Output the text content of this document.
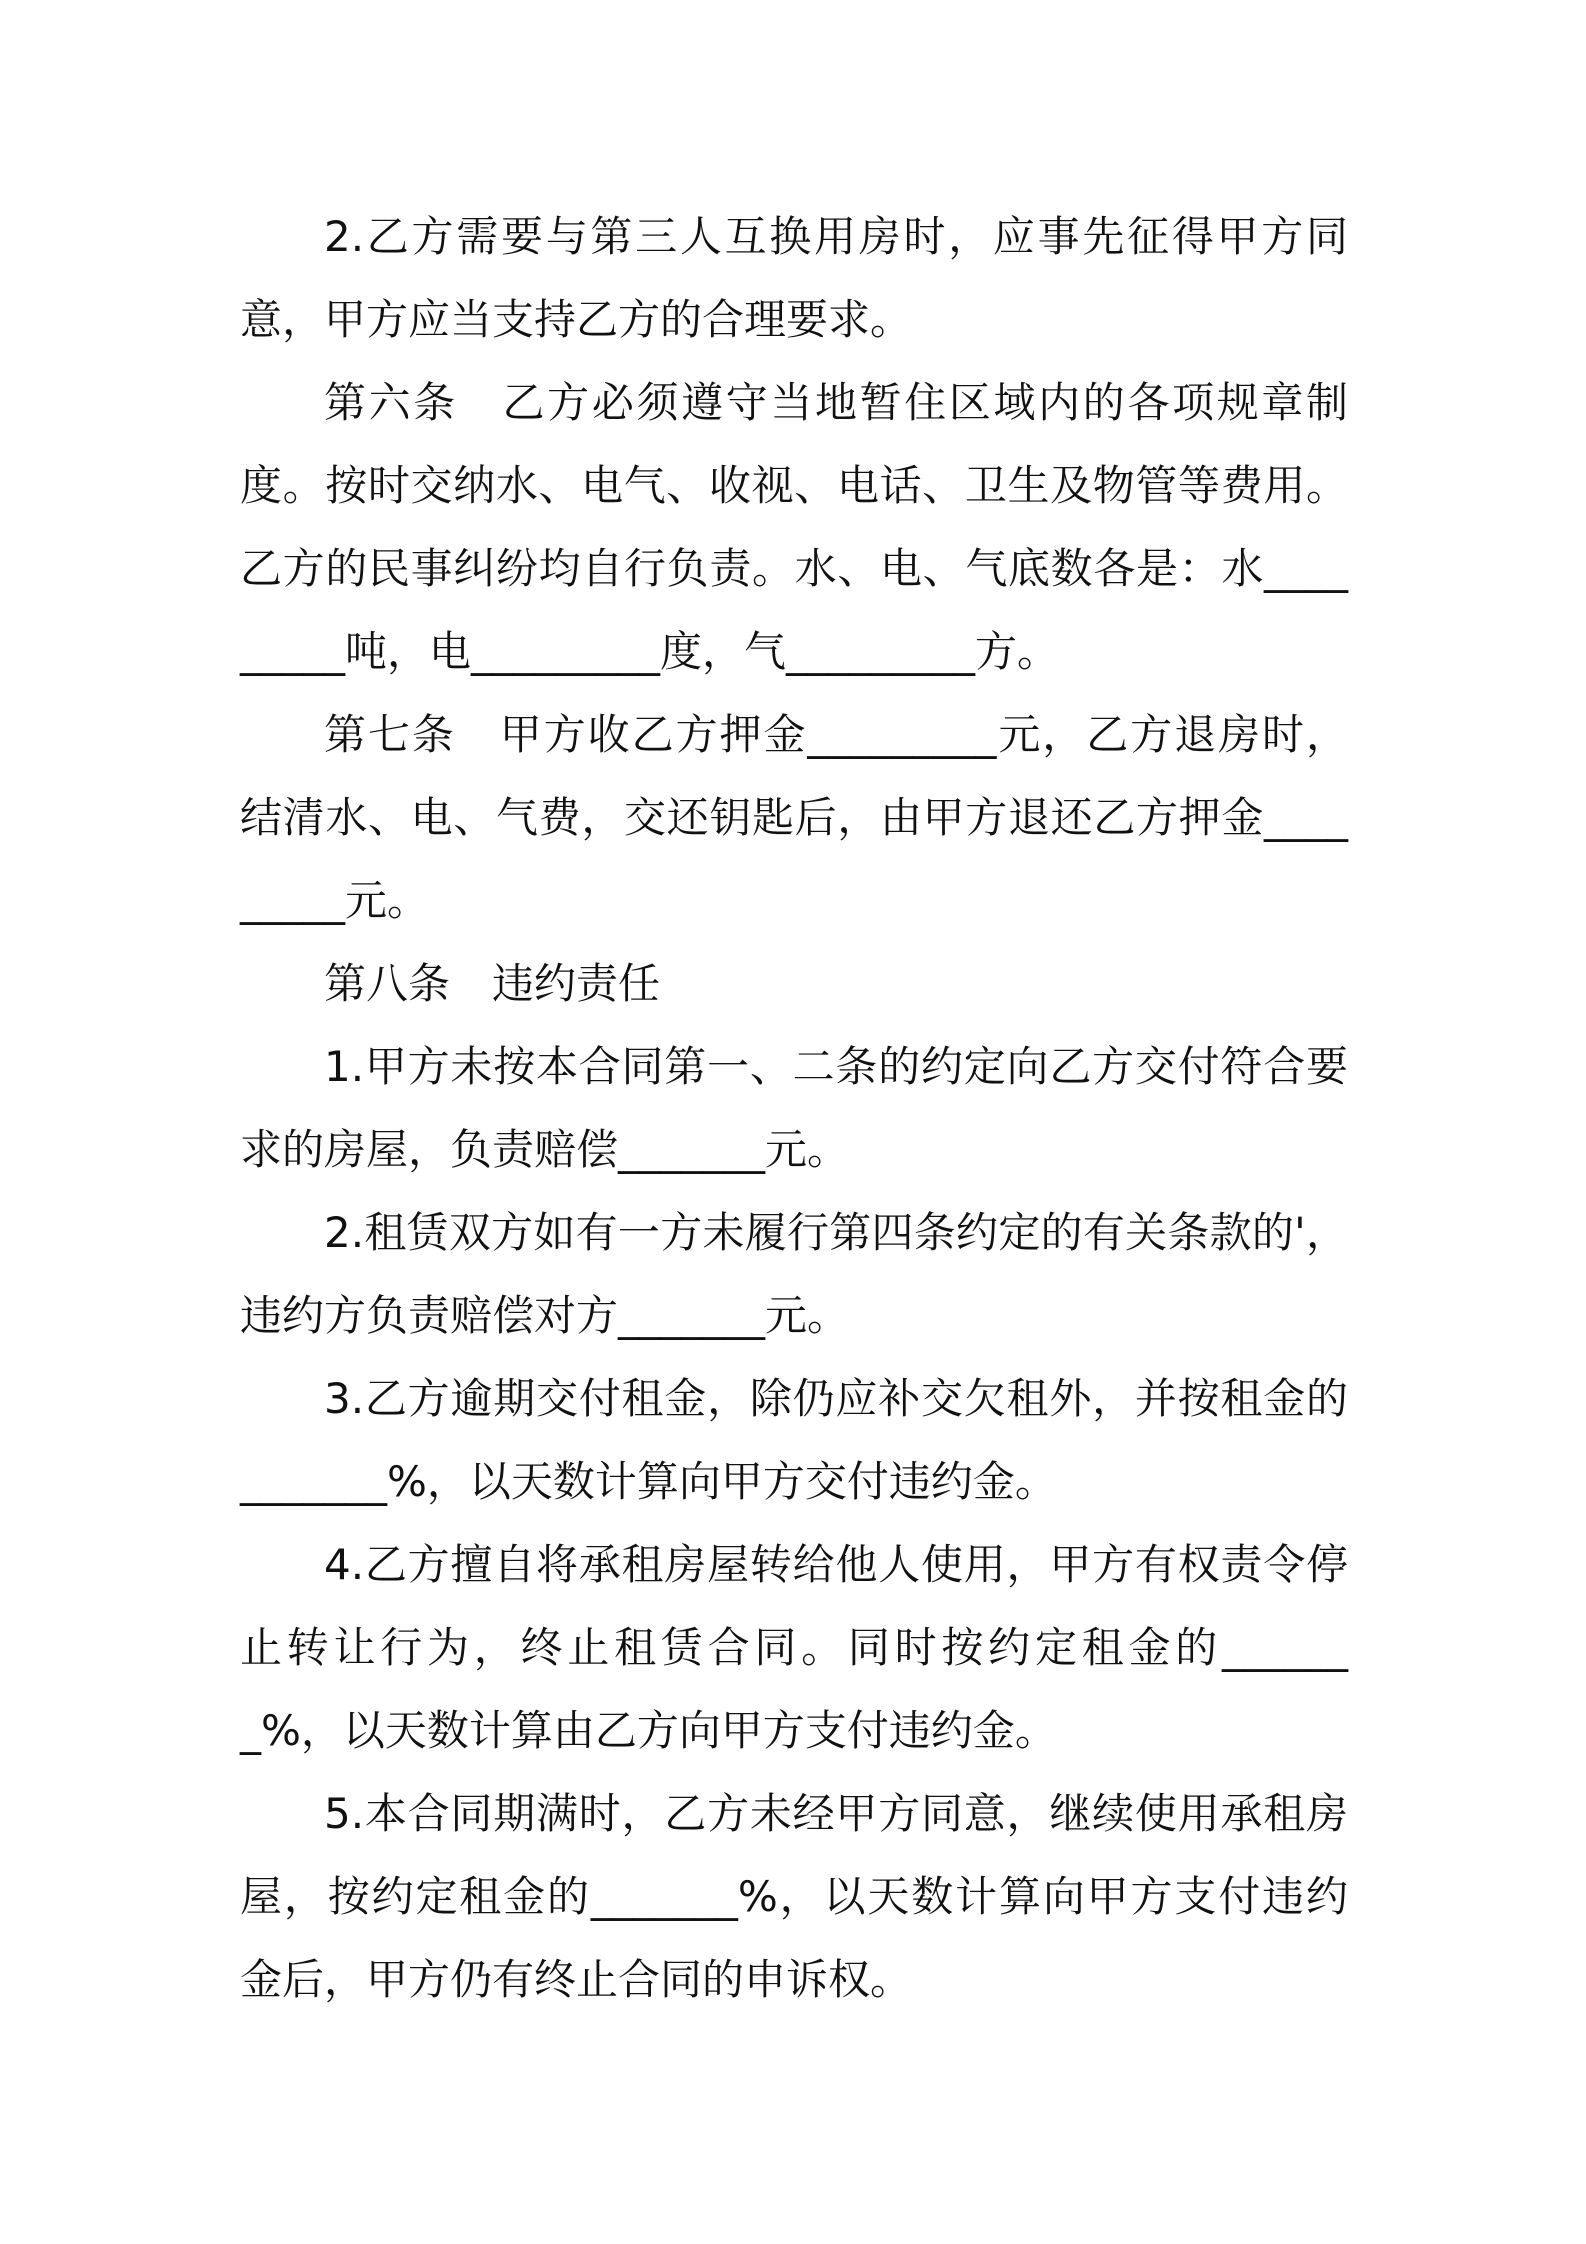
2.乙方需要与第三人互换用房时，应事先征得甲方同意，甲方应当支持乙方的合理要求。

第六条　乙方必须遵守当地暂住区域内的各项规章制度。按时交纳水、电气、收视、电话、卫生及物管等费用。乙方的民事纠纷均自行负责。水、电、气底数各是：水_________吨，电_________度，气_________方。

第七条　甲方收乙方押金_________元，乙方退房时，结清水、电、气费，交还钥匙后，由甲方退还乙方押金_________元。

第八条　违约责任

1.甲方未按本合同第一、二条的约定向乙方交付符合要求的房屋，负责赔偿_______元。

2.租赁双方如有一方未履行第四条约定的有关条款的'，违约方负责赔偿对方_______元。

3.乙方逾期交付租金，除仍应补交欠租外，并按租金的_______%，以天数计算向甲方交付违约金。

4.乙方擅自将承租房屋转给他人使用，甲方有权责令停止转让行为，终止租赁合同。同时按约定租金的_______%，以天数计算由乙方向甲方支付违约金。

5.本合同期满时，乙方未经甲方同意，继续使用承租房屋，按约定租金的_______%，以天数计算向甲方支付违约金后，甲方仍有终止合同的申诉权。
